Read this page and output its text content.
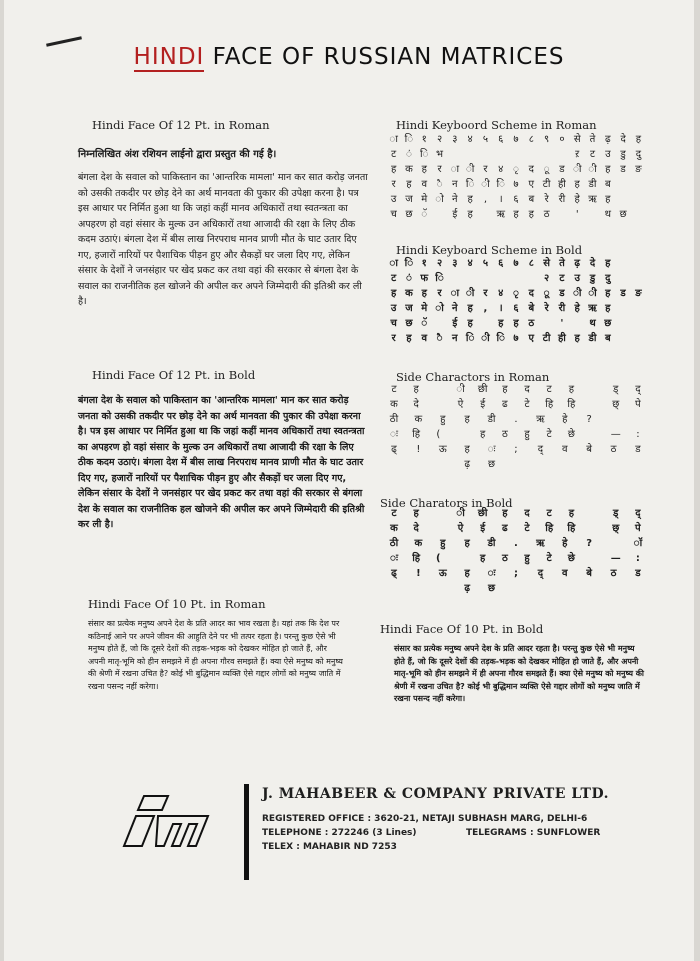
HINDI FACE OF RUSSIAN MATRICES
Hindi Face Of 12 Pt. in Roman
निम्नलिखित अंश रशियन लाईनो द्वारा प्रस्तुत की गई है।
बंगला देश के सवाल को पाकिस्तान का 'आन्तरिक मामला' मान कर सात करोड़ जनता को उसकी तकदीर पर छोड़ देने का अर्थ मानवता की पुकार की उपेक्षा करना है। पत्र इस आधार पर निर्मित हुआ था कि जहां कहीं मानव अधिकारों तथा स्वतन्त्रता का अपहरण हो वहां संसार के मुल्क उन अधिकारों तथा आजादी की रक्षा के लिए ठीक कदम उठाएं। बंगला देश में बीस लाख निरपराध मानव प्राणी मौत के घाट उतार दिए गए, हजारों नारियों पर पैशाचिक पीड़न हुए और सैकड़ों घर जला दिए गए, लेकिन संसार के देशों ने जनसंहार पर खेद प्रकट कर तथा वहां की सरकार से बंगला देश के सवाल का राजनीतिक हल खोजने की अपील कर अपने जिम्मेदारी की इतिश्री कर ली है।
Hindi Face Of 12 Pt. in Bold
बंगला देश के सवाल को पाकिस्तान का 'आन्तरिक मामला' मान कर सात करोड़ जनता को उसकी तकदीर पर छोड़ देने का अर्थ मानवता की पुकार की उपेक्षा करना है। पत्र इस आधार पर निर्मित हुआ था कि जहां कहीं मानव अधिकारों तथा स्वतन्त्रता का अपहरण हो वहां संसार के मुल्क उन अधिकारों तथा आजादी की रक्षा के लिए ठीक कदम उठाएं। बंगला देश में बीस लाख निरपराध मानव प्राणी मौत के घाट उतार दिए गए, हजारों नारियों पर पैशाचिक पीड़न हुए और सैकड़ों घर जला दिए गए, लेकिन संसार के देशों ने जनसंहार पर खेद प्रकट कर तथा वहां की सरकार से बंगला देश के सवाल का राजनीतिक हल खोजने की अपील कर अपने जिम्मेदारी की इतिश्री कर ली है।
Hindi Face Of 10 Pt. in Roman
संसार का प्रत्येक मनुष्य अपने देश के प्रति आदर का भाव रखता है। यहां तक कि देश पर कठिनाई आने पर अपने जीवन की आहुति देने पर भी तत्पर रहता है। परन्तु कुछ ऐसे भी मनुष्य होते हैं, जो कि दूसरे देशों की तड़क-भड़क को देखकर मोहित हो जाते हैं, और अपनी मातृ-भूमि को हीन समझने में ही अपना गौरव समझते हैं। क्या ऐसे मनुष्य को मनुष्य की श्रेणी में रखना उचित है? कोई भी बुद्धिमान व्यक्ति ऐसे गद्दार लोगों को मनुष्य जाति में रखना पसन्द नहीं करेगा।
Hindi Keyboord Scheme in Roman
ा ि १	२	३	४	५	६	७	८	९	० से ते ढ़ दे ह
ट ं ि भ	ऱ	ट	उ डु दु
ह क ह	र ा ी र	४ ृ द ू ड ी ी ह ड ङ
र	ह व ै न ि ी ि ७ ए टी ही ह डी ब
उ ज मे ो ने ह	,	।	६ ब	रे री हे ऋ ह
च छ ॅ	ई	ह	ऋ ह ह ठ	'	थ छ
Hindi Keyboard Scheme in Bold
ा ि १	२	३	४	५	६	७	८ से ते ढ़ दे ह
ट ं फ ि	२	ट	उ डु दु
ह क ह	र ा ी र	४ ृ द ू ड ी ी ह ड ङ
उ ज मे ो ने ह	,	।	६ बे	रे री हे ऋ ह
च छ ॅ	ई	ह	ह ह ठ	'	थ छ
र	ह व ै न ि ी ि ७ ए टी ही ह डी ब
Side Charactors in Roman
ट	ह	ी	छी	ह	द	ट	ह	ड्	द्
क	दे	ऐ	ई	ढ	टे	हि	हि	छ्	पे
ठी	क	हु	ह	डी	.	ऋ	हे	?
ः	हि	(	ह	ठ	हु	टे	छे	—	:
ढ्	!	ऊ	ह	ः	;	द्	व	बे	ठ	ड
ढ़	छ
Side Charators in Bold
ट	ह	ी	छी	ह	द	ट	ह	ड्	द्
क	दे	ऐ	ई	ढ	टे	हि	हि	छ्	पे
ठी	क	हु	ह	डी	.	ऋ	हे	?	ॉ
ः	हि	(	ह	ठ	हु	टे	छे	—	:
ढ्	!	ऊ	ह	ः	;	द्	व	बे	ठ	ड
ढ़	छ
Hindi Face Of 10 Pt. in Bold
संसार का प्रत्येक मनुष्य अपने देश के प्रति आदर रहता है। परन्तु कुछ ऐसे भी मनुष्य होते हैं, जो कि दूसरे देशों की तड़क-भड़क को देखकर मोहित हो जाते हैं, और अपनी मातृ-भूमि को हीन समझने में ही अपना गौरव समझते हैं। क्या ऐसे मनुष्य को मनुष्य की श्रेणी में रखना उचित है? कोई भी बुद्धिमान व्यक्ति ऐसे गद्दार लोगों को मनुष्य जाति में रखना पसन्द नहीं करेगा।
J. MAHABEER & COMPANY PRIVATE LTD.
REGISTERED OFFICE : 3620-21, NETAJI SUBHASH MARG, DELHI-6
TELEPHONE : 272246 (3 Lines)	TELEGRAMS : SUNFLOWER
TELEX : MAHABIR ND 7253
